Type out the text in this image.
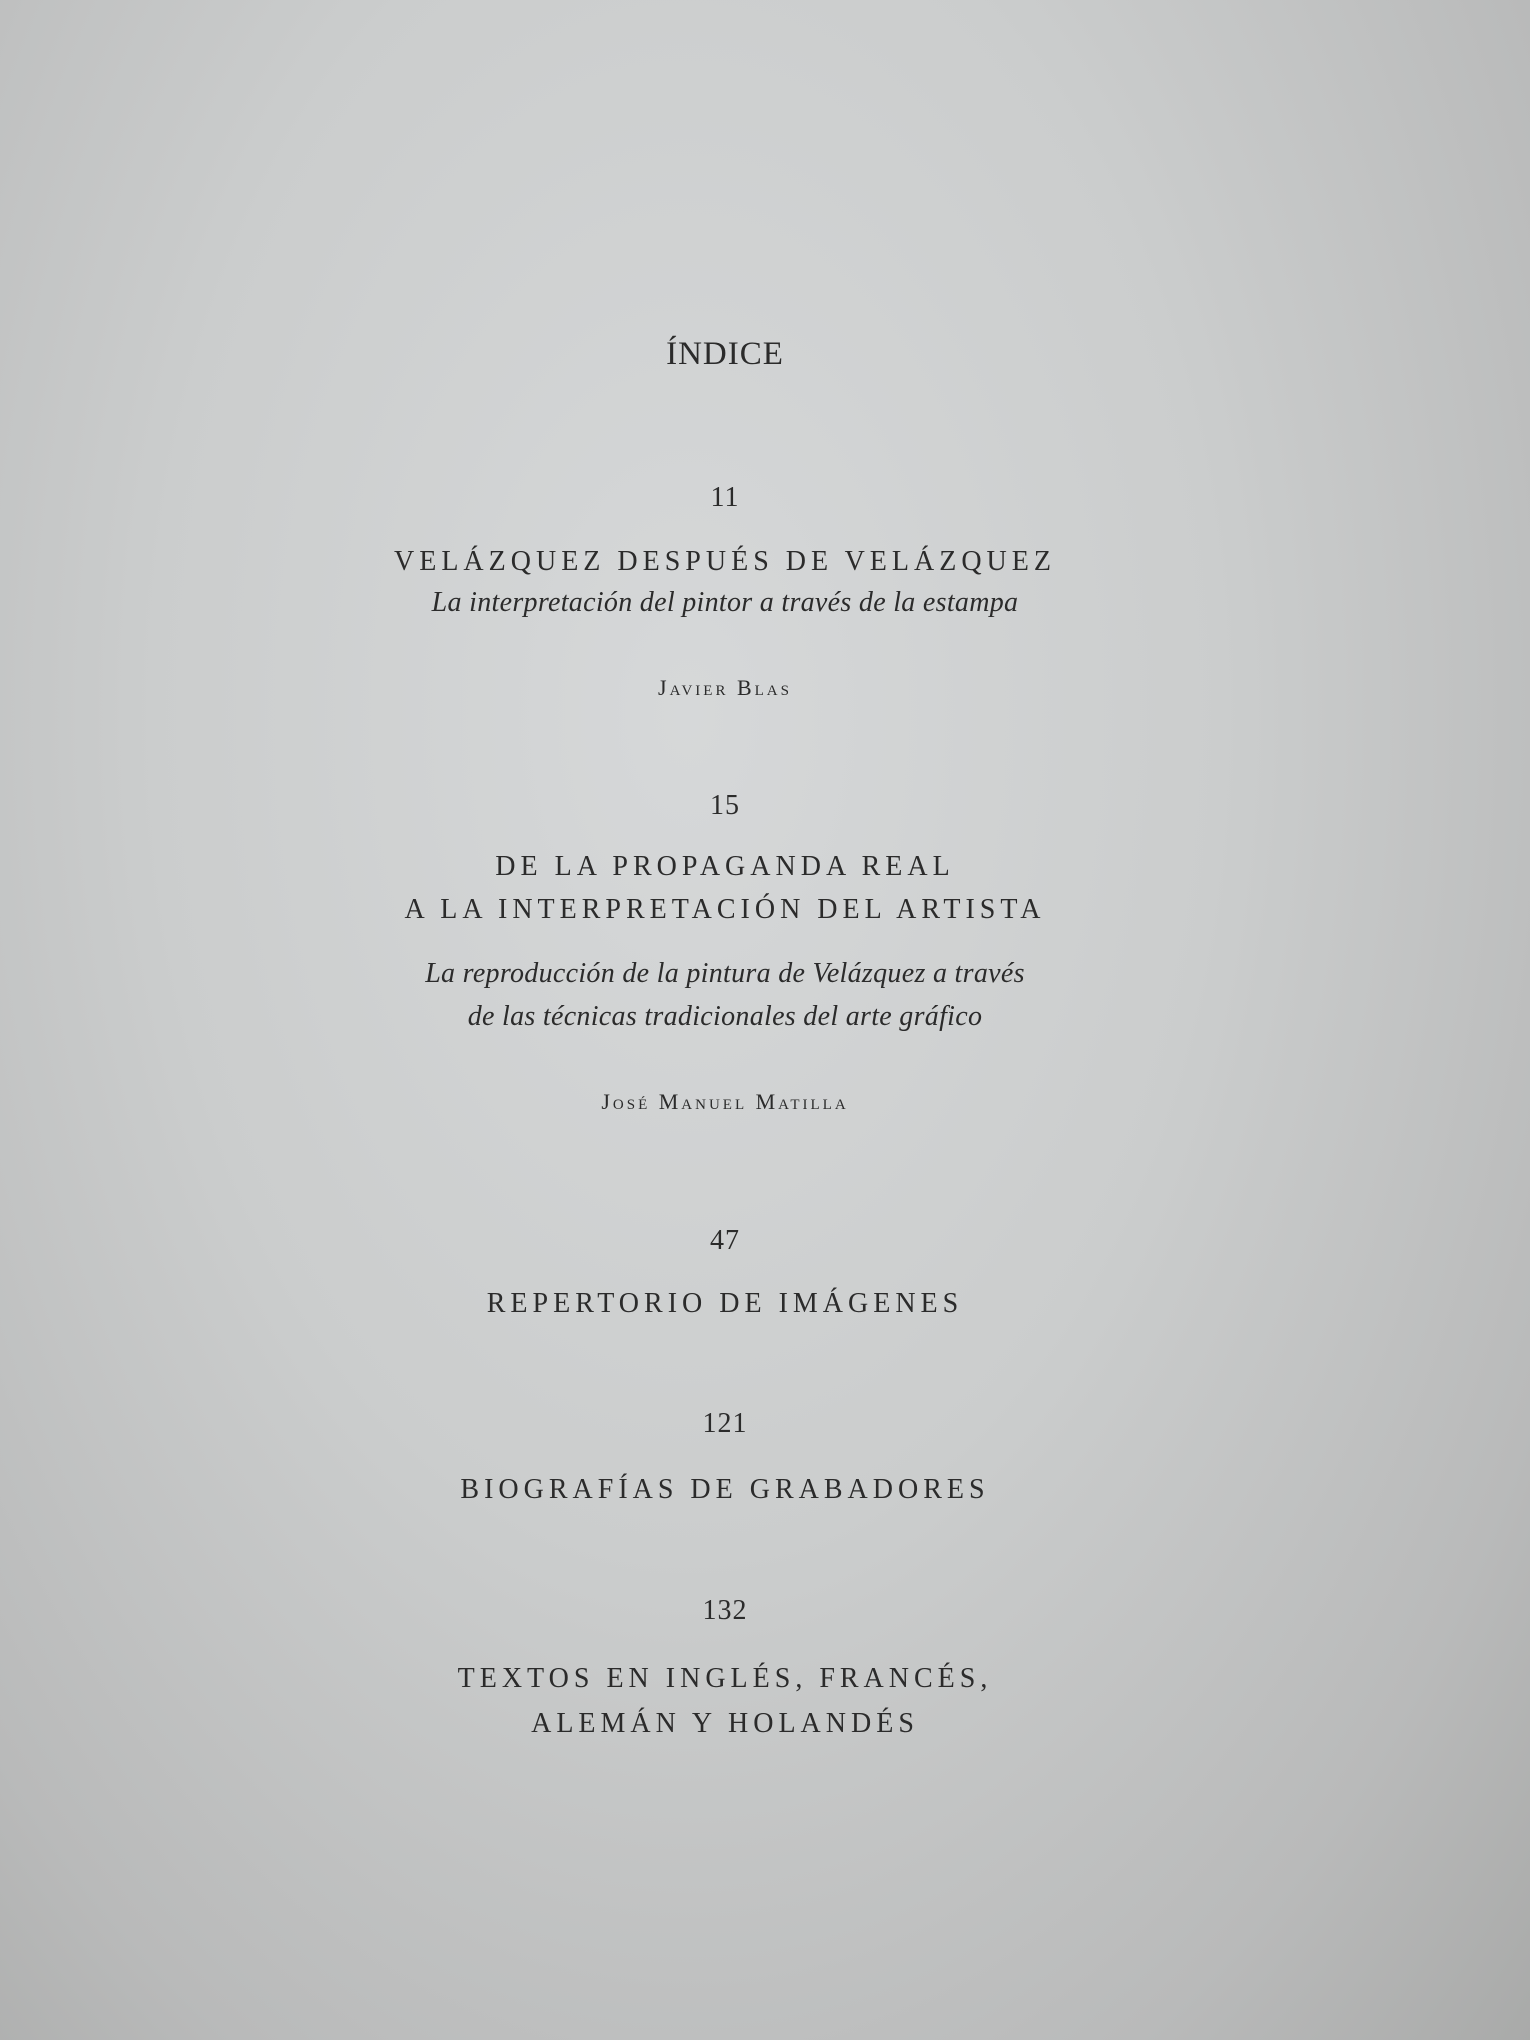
ÍNDICE
11
VELÁZQUEZ DESPUÉS DE VELÁZQUEZ
La interpretación del pintor a través de la estampa
Javier Blas
15
DE LA PROPAGANDA REAL
A LA INTERPRETACIÓN DEL ARTISTA
La reproducción de la pintura de Velázquez a través
de las técnicas tradicionales del arte gráfico
José Manuel Matilla
47
REPERTORIO DE IMÁGENES
121
BIOGRAFÍAS DE GRABADORES
132
TEXTOS EN INGLÉS, FRANCÉS,
ALEMÁN Y HOLANDÉS
